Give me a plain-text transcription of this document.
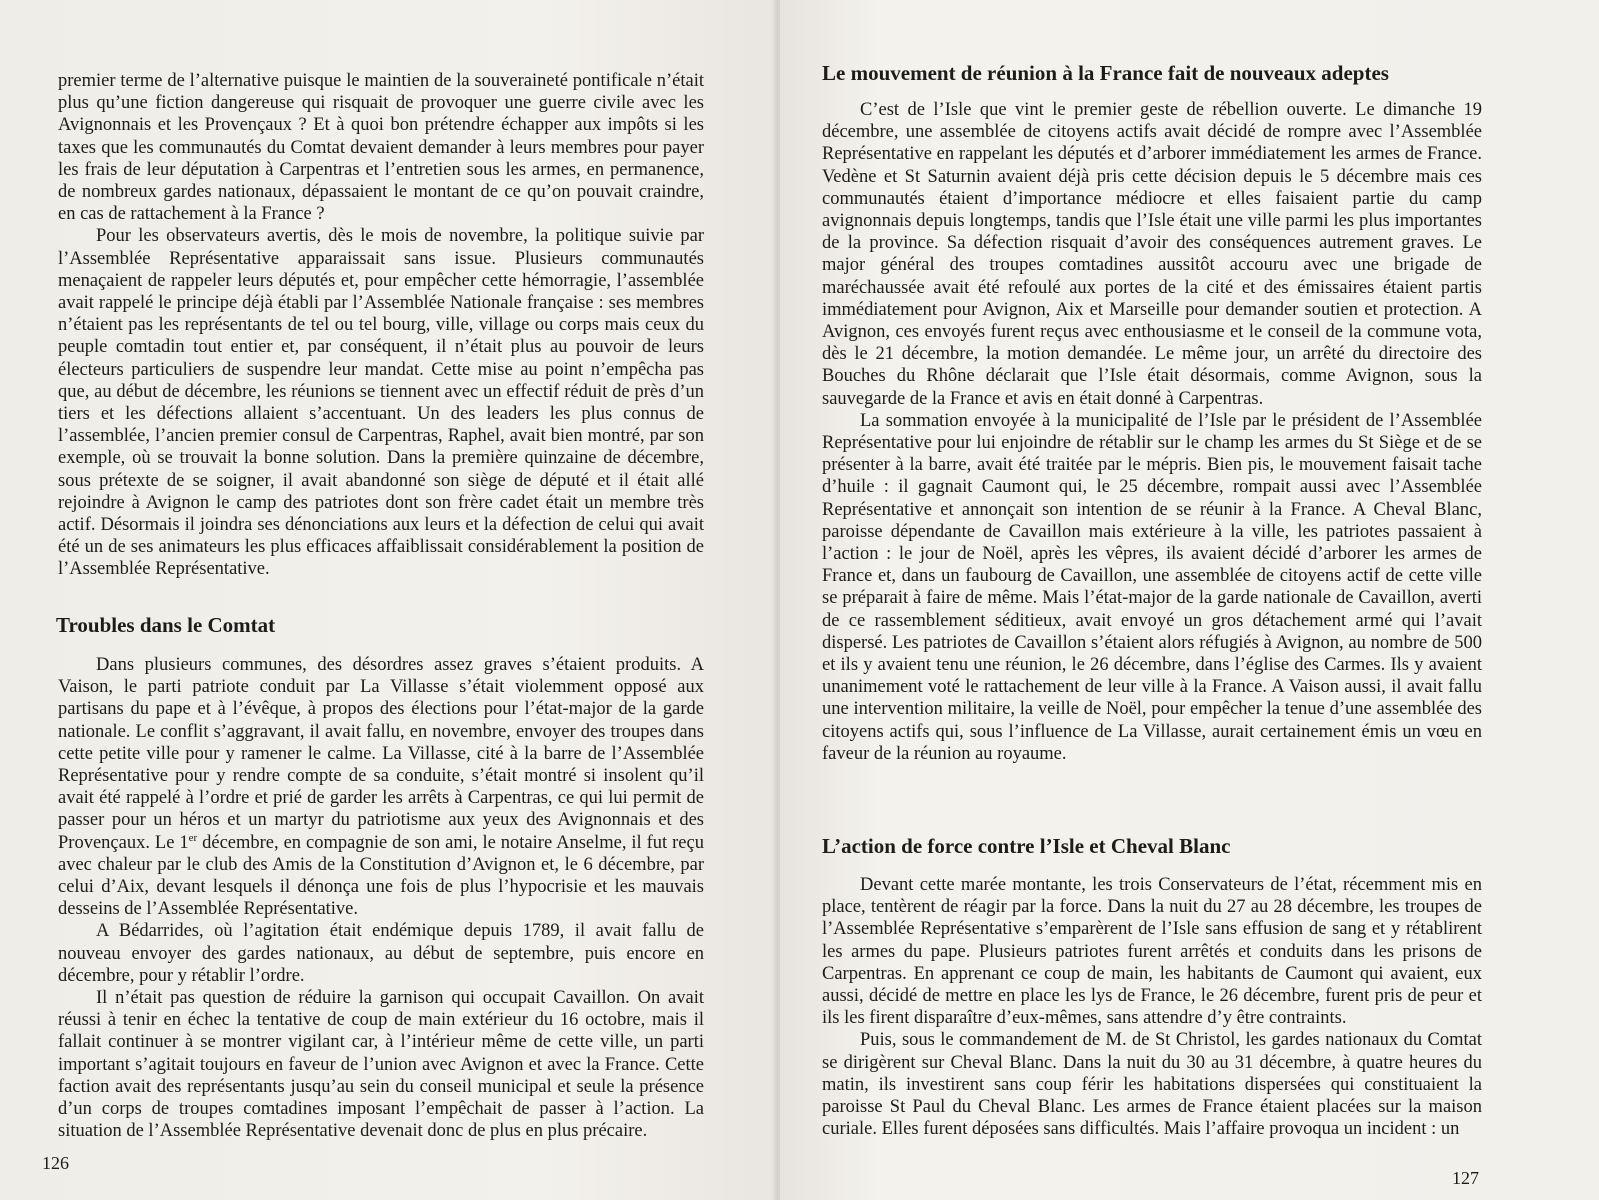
premier terme de l’alternative puisque le maintien de la souveraineté pontificale n’était plus qu’une fiction dangereuse qui risquait de provoquer une guerre civile avec les Avignonnais et les Provençaux ? Et à quoi bon prétendre échapper aux impôts si les taxes que les communautés du Comtat devaient demander à leurs membres pour payer les frais de leur députation à Carpentras et l’entretien sous les armes, en permanence, de nombreux gardes nationaux, dépassaient le montant de ce qu’on pouvait craindre, en cas de rattachement à la France ?

Pour les observateurs avertis, dès le mois de novembre, la politique suivie par l’Assemblée Représentative apparaissait sans issue. Plusieurs communautés menaçaient de rappeler leurs députés et, pour empêcher cette hémorragie, l’assemblée avait rappelé le principe déjà établi par l’Assemblée Nationale française : ses membres n’étaient pas les représentants de tel ou tel bourg, ville, village ou corps mais ceux du peuple comtadin tout entier et, par conséquent, il n’était plus au pouvoir de leurs électeurs particuliers de suspendre leur mandat. Cette mise au point n’empêcha pas que, au début de décembre, les réunions se tiennent avec un effectif réduit de près d’un tiers et les défections allaient s’accentuant. Un des leaders les plus connus de l’assemblée, l’ancien premier consul de Carpentras, Raphel, avait bien montré, par son exemple, où se trouvait la bonne solution. Dans la première quinzaine de décembre, sous prétexte de se soigner, il avait abandonné son siège de député et il était allé rejoindre à Avignon le camp des patriotes dont son frère cadet était un membre très actif. Désormais il joindra ses dénonciations aux leurs et la défection de celui qui avait été un de ses animateurs les plus efficaces affaiblissait considérablement la position de l’Assemblée Représentative.

Troubles dans le Comtat

Dans plusieurs communes, des désordres assez graves s’étaient produits. A Vaison, le parti patriote conduit par La Villasse s’était violemment opposé aux partisans du pape et à l’évêque, à propos des élections pour l’état-major de la garde nationale. Le conflit s’aggravant, il avait fallu, en novembre, envoyer des troupes dans cette petite ville pour y ramener le calme. La Villasse, cité à la barre de l’Assemblée Représentative pour y rendre compte de sa conduite, s’était montré si insolent qu’il avait été rappelé à l’ordre et prié de garder les arrêts à Carpentras, ce qui lui permit de passer pour un héros et un martyr du patriotisme aux yeux des Avignonnais et des Provençaux. Le 1er décembre, en compagnie de son ami, le notaire Anselme, il fut reçu avec chaleur par le club des Amis de la Constitution d’Avignon et, le 6 décembre, par celui d’Aix, devant lesquels il dénonça une fois de plus l’hypocrisie et les mauvais desseins de l’Assemblée Représentative.

A Bédarrides, où l’agitation était endémique depuis 1789, il avait fallu de nouveau envoyer des gardes nationaux, au début de septembre, puis encore en décembre, pour y rétablir l’ordre.

Il n’était pas question de réduire la garnison qui occupait Cavaillon. On avait réussi à tenir en échec la tentative de coup de main extérieur du 16 octobre, mais il fallait continuer à se montrer vigilant car, à l’intérieur même de cette ville, un parti important s’agitait toujours en faveur de l’union avec Avignon et avec la France. Cette faction avait des représentants jusqu’au sein du conseil municipal et seule la présence d’un corps de troupes comtadines imposant l’empêchait de passer à l’action. La situation de l’Assemblée Représentative devenait donc de plus en plus précaire.

126
Le mouvement de réunion à la France fait de nouveaux adeptes

C’est de l’Isle que vint le premier geste de rébellion ouverte. Le dimanche 19 décembre, une assemblée de citoyens actifs avait décidé de rompre avec l’Assemblée Représentative en rappelant les députés et d’arborer immédiatement les armes de France. Vedène et St Saturnin avaient déjà pris cette décision depuis le 5 décembre mais ces communautés étaient d’importance médiocre et elles faisaient partie du camp avignonnais depuis longtemps, tandis que l’Isle était une ville parmi les plus importantes de la province. Sa défection risquait d’avoir des conséquences autrement graves. Le major général des troupes comtadines aussitôt accouru avec une brigade de maréchaussée avait été refoulé aux portes de la cité et des émissaires étaient partis immédiatement pour Avignon, Aix et Marseille pour demander soutien et protection. A Avignon, ces envoyés furent reçus avec enthousiasme et le conseil de la commune vota, dès le 21 décembre, la motion demandée. Le même jour, un arrêté du directoire des Bouches du Rhône déclarait que l’Isle était désormais, comme Avignon, sous la sauvegarde de la France et avis en était donné à Carpentras.

La sommation envoyée à la municipalité de l’Isle par le président de l’Assemblée Représentative pour lui enjoindre de rétablir sur le champ les armes du St Siège et de se présenter à la barre, avait été traitée par le mépris. Bien pis, le mouvement faisait tache d’huile : il gagnait Caumont qui, le 25 décembre, rompait aussi avec l’Assemblée Représentative et annonçait son intention de se réunir à la France. A Cheval Blanc, paroisse dépendante de Cavaillon mais extérieure à la ville, les patriotes passaient à l’action : le jour de Noël, après les vêpres, ils avaient décidé d’arborer les armes de France et, dans un faubourg de Cavaillon, une assemblée de citoyens actif de cette ville se préparait à faire de même. Mais l’état-major de la garde nationale de Cavaillon, averti de ce rassemblement séditieux, avait envoyé un gros détachement armé qui l’avait dispersé. Les patriotes de Cavaillon s’étaient alors réfugiés à Avignon, au nombre de 500 et ils y avaient tenu une réunion, le 26 décembre, dans l’église des Carmes. Ils y avaient unanimement voté le rattachement de leur ville à la France. A Vaison aussi, il avait fallu une intervention militaire, la veille de Noël, pour empêcher la tenue d’une assemblée des citoyens actifs qui, sous l’influence de La Villasse, aurait certainement émis un vœu en faveur de la réunion au royaume.

L’action de force contre l’Isle et Cheval Blanc

Devant cette marée montante, les trois Conservateurs de l’état, récemment mis en place, tentèrent de réagir par la force. Dans la nuit du 27 au 28 décembre, les troupes de l’Assemblée Représentative s’emparèrent de l’Isle sans effusion de sang et y rétablirent les armes du pape. Plusieurs patriotes furent arrêtés et conduits dans les prisons de Carpentras. En apprenant ce coup de main, les habitants de Caumont qui avaient, eux aussi, décidé de mettre en place les lys de France, le 26 décembre, furent pris de peur et ils les firent disparaître d’eux-mêmes, sans attendre d’y être contraints.

Puis, sous le commandement de M. de St Christol, les gardes nationaux du Comtat se dirigèrent sur Cheval Blanc. Dans la nuit du 30 au 31 décembre, à quatre heures du matin, ils investirent sans coup férir les habitations dispersées qui constituaient la paroisse St Paul du Cheval Blanc. Les armes de France étaient placées sur la maison curiale. Elles furent déposées sans difficultés. Mais l’affaire provoqua un incident : un

127
